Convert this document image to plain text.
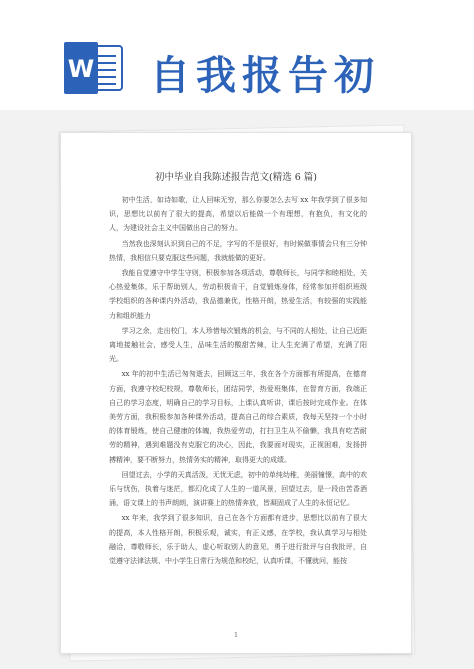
W 自我报告初
初中毕业自我陈述报告范文(精选 6 篇)

初中生活，如诗如歌，让人回味无穷，那么你要怎么去写 xx 年我学到了很多知识，思想比以前有了很大的提高，希望以后能做一个有理想，有抱负，有文化的人，为建设社会主义中国做出自己的努力。

当然我也深刻认识到自己的不足，字写的不是很好，有时候做事情会只有三分钟热情，我相信只要克服这些问题，我就能做的更好。

我能自觉遵守中学生守则，积极参加各项活动，尊敬师长，与同学和睦相处，关心热爱集体，乐于帮助别人，劳动积极肯干，自觉锻炼身体，经常参加并组织班级学校组织的各种课内外活动，我品德兼优，性格开朗，热爱生活，有较强的实践能力和组织能力

学习之余，走出校门，本人珍惜每次锻炼的机会，与不同的人相处，让自己近距离地接触社会，感受人生，品味生活的酸甜苦辣，让人生充满了希望，充满了阳光。

xx 年的初中生活已匆匆逝去，回顾这三年，我在各个方面都有所提高，在德育方面，我遵守校纪校规，尊敬师长，团结同学，热爱班集体，在智育方面，我端正自己的学习态度，明确自己的学习目标，上课认真听讲，课后按时完成作业。在体美劳方面，我积极参加各种课外活动，提高自己的综合素质，我每天坚持一个小时的体育锻炼，使自己健康的体魄，我热爱劳动，打扫卫生从不偷懒，我具有吃苦耐劳的精神，遇到难题没有克服它的决心，因此，我要面对现实，正视困难，发扬拼搏精神，要不断努力，热情务实的精神，取得更大的成绩。

回望过去，小学的天真活泼，无忧无虑，初中的单纯幼稚，美丽憧憬，高中的欢乐与忧伤，执着与迷茫，都幻化成了人生的一道风景，回望过去，是一段由苦香酒涌，语文课上的书声朗朗，演讲赛上的热情奔放，皆凝固成了人生的永恒记忆。

xx 年来，我学到了很多知识，自己在各个方面都有进步，思想比以前有了很大的提高，本人性格开朗，积极乐观，诚实，有正义感，在学校，我认真学习与相处融洽，尊敬师长，乐于助人，虚心听取别人的意见，勇于进行批评与自我批评，自觉遵守法律法规、中小学生日常行为规范和校纪，认真听课，不懂就问，能按

1
